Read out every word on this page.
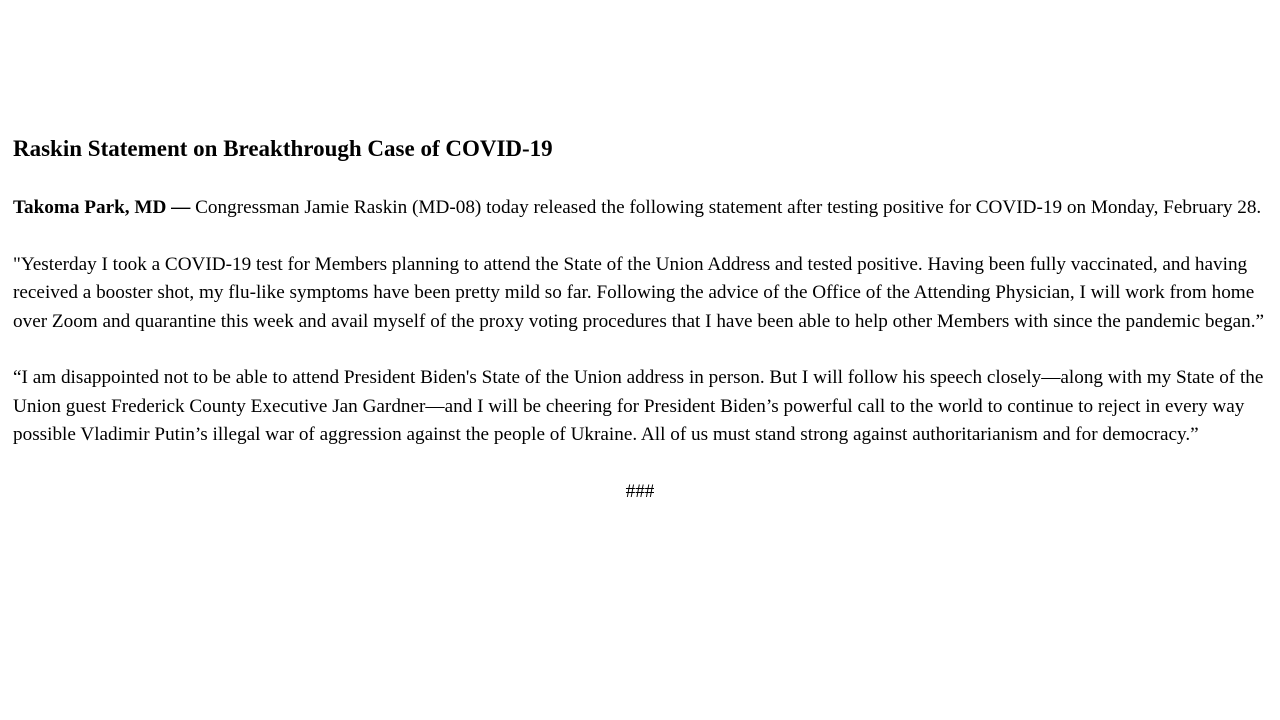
Raskin Statement on Breakthrough Case of COVID-19

Takoma Park, MD — Congressman Jamie Raskin (MD-08) today released the following statement after testing positive for COVID-19 on Monday, February 28.

"Yesterday I took a COVID-19 test for Members planning to attend the State of the Union Address and tested positive. Having been fully vaccinated, and having received a booster shot, my flu-like symptoms have been pretty mild so far. Following the advice of the Office of the Attending Physician, I will work from home over Zoom and quarantine this week and avail myself of the proxy voting procedures that I have been able to help other Members with since the pandemic began.”

“I am disappointed not to be able to attend President Biden's State of the Union address in person. But I will follow his speech closely—along with my State of the Union guest Frederick County Executive Jan Gardner—and I will be cheering for President Biden’s powerful call to the world to continue to reject in every way possible Vladimir Putin’s illegal war of aggression against the people of Ukraine. All of us must stand strong against authoritarianism and for democracy.”

###
